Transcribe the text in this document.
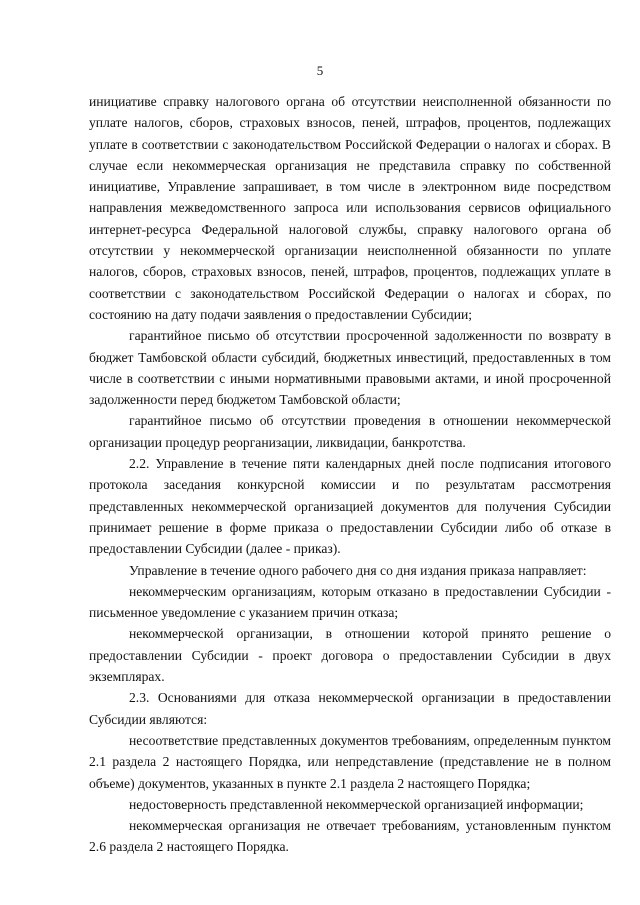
5

инициативе справку налогового органа об отсутствии неисполненной обязанности по уплате налогов, сборов, страховых взносов, пеней, штрафов, процентов, подлежащих уплате в соответствии с законодательством Российской Федерации о налогах и сборах. В случае если некоммерческая организация не представила справку по собственной инициативе, Управление запрашивает, в том числе в электронном виде посредством направления межведомственного запроса или использования сервисов официального интернет-ресурса Федеральной налоговой службы, справку налогового органа об отсутствии у некоммерческой организации неисполненной обязанности по уплате налогов, сборов, страховых взносов, пеней, штрафов, процентов, подлежащих уплате в соответствии с законодательством Российской Федерации о налогах и сборах, по состоянию на дату подачи заявления о предоставлении Субсидии;

гарантийное письмо об отсутствии просроченной задолженности по возврату в бюджет Тамбовской области субсидий, бюджетных инвестиций, предоставленных в том числе в соответствии с иными нормативными правовыми актами, и иной просроченной задолженности перед бюджетом Тамбовской области;

гарантийное письмо об отсутствии проведения в отношении некоммерческой организации процедур реорганизации, ликвидации, банкротства.

2.2. Управление в течение пяти календарных дней после подписания итогового протокола заседания конкурсной комиссии и по результатам рассмотрения представленных некоммерческой организацией документов для получения Субсидии принимает решение в форме приказа о предоставлении Субсидии либо об отказе в предоставлении Субсидии (далее - приказ).

Управление в течение одного рабочего дня со дня издания приказа направляет:

некоммерческим организациям, которым отказано в предоставлении Субсидии - письменное уведомление с указанием причин отказа;

некоммерческой организации, в отношении которой принято решение о предоставлении Субсидии - проект договора о предоставлении Субсидии в двух экземплярах.

2.3. Основаниями для отказа некоммерческой организации в предоставлении Субсидии являются:

несоответствие представленных документов требованиям, определенным пунктом 2.1 раздела 2 настоящего Порядка, или непредставление (представление не в полном объеме) документов, указанных в пункте 2.1 раздела 2 настоящего Порядка;

недостоверность представленной некоммерческой организацией информации;

некоммерческая организация не отвечает требованиям, установленным пунктом 2.6 раздела 2 настоящего Порядка.
